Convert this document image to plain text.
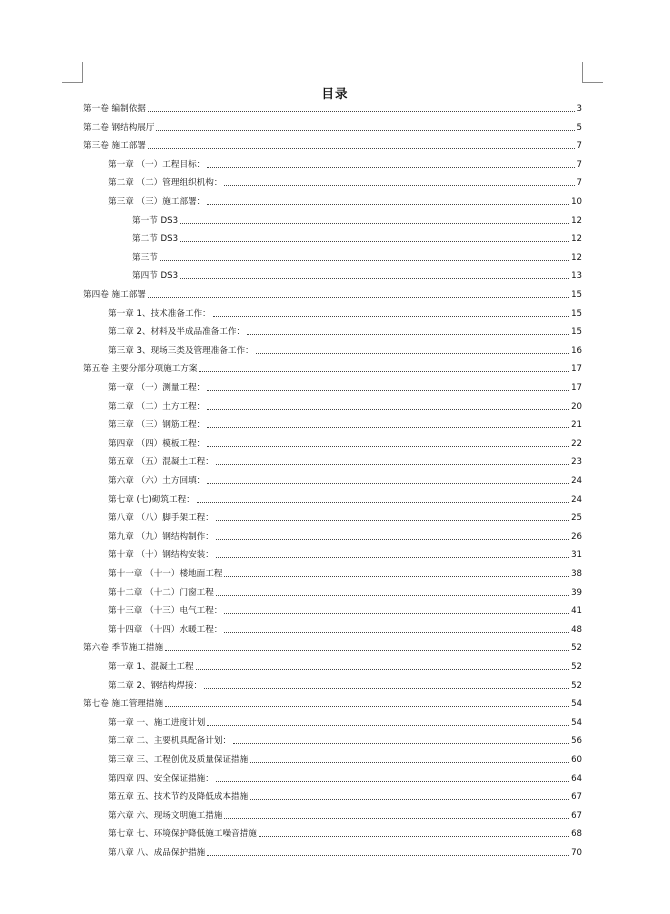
目录
第一卷 编制依据	3
第二卷 钢结构展厅	5
第三卷 施工部署	7
第一章 （一）工程目标：	7
第二章 （二）管理组织机构：	7
第三章 （三）施工部署：	10
第一节 DS3	12
第二节 DS3	12
第三节	12
第四节 DS3	13
第四卷 施工部署	15
第一章 1、技术准备工作：	15
第二章 2、材料及半成品准备工作：	15
第三章 3、现场三类及管理准备工作：	16
第五卷 主要分部分项施工方案	17
第一章 （一）测量工程：	17
第二章 （二）土方工程：	20
第三章 （三）钢筋工程：	21
第四章 （四）模板工程：	22
第五章 （五）混凝土工程：	23
第六章 （六）土方回填：	24
第七章 (七)砌筑工程：	24
第八章 （八）脚手架工程：	25
第九章 （九）钢结构制作：	26
第十章 （十）钢结构安装：	31
第十一章 （十一）楼地面工程	38
第十二章 （十二）门窗工程	39
第十三章 （十三）电气工程：	41
第十四章 （十四）水暖工程：	48
第六卷 季节施工措施	52
第一章 1、混凝土工程	52
第二章 2、钢结构焊接：	52
第七卷 施工管理措施	54
第一章 一、施工进度计划	54
第二章 二、主要机具配备计划：	56
第三章 三、工程创优及质量保证措施	60
第四章 四、安全保证措施：	64
第五章 五、技术节约及降低成本措施	67
第六章 六、现场文明施工措施	67
第七章 七、环境保护降低施工噪音措施	68
第八章 八、成品保护措施	70
